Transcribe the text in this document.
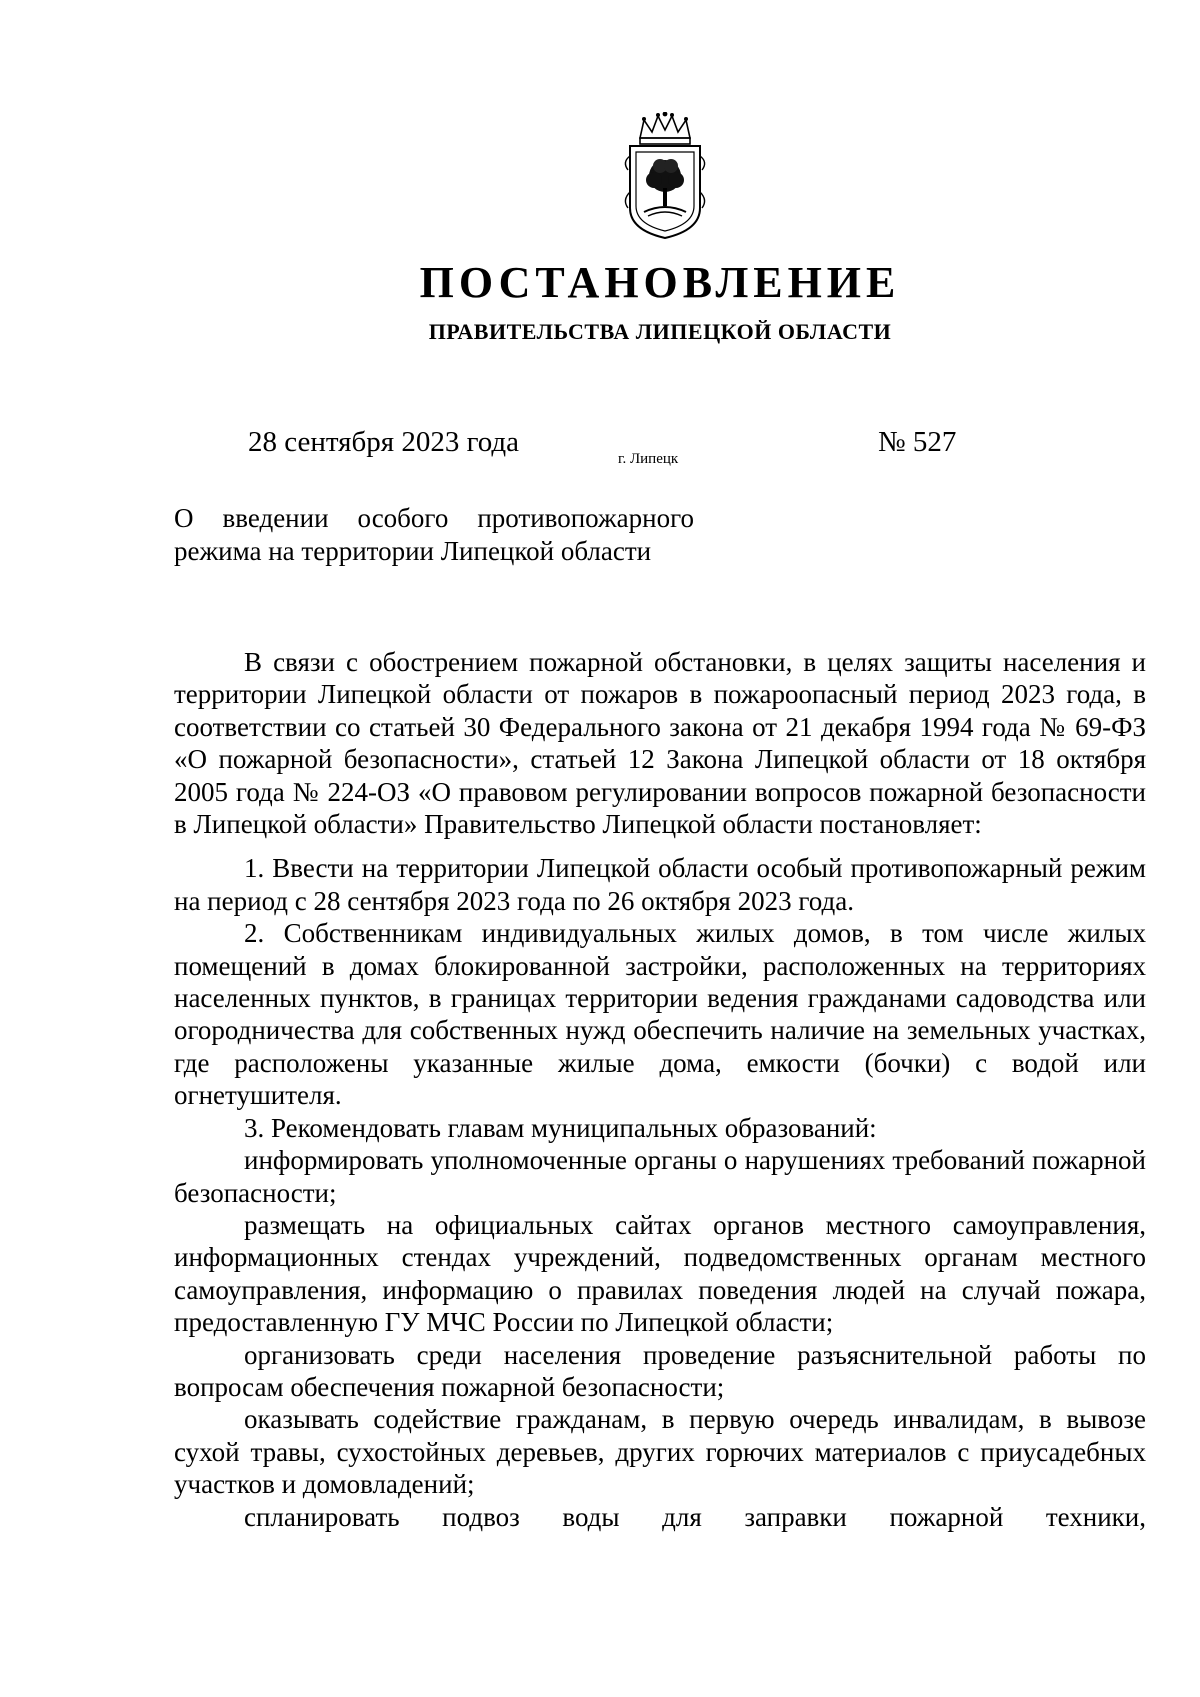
ПОСТАНОВЛЕНИЕ
ПРАВИТЕЛЬСТВА ЛИПЕЦКОЙ ОБЛАСТИ
28 сентября 2023 года
г. Липецк
№ 527

О введении особого противопожарного

режима на территории Липецкой области

В связи с обострением пожарной обстановки, в целях защиты населения и территории Липецкой области от пожаров в пожароопасный период 2023 года, в соответствии со статьей 30 Федерального закона от 21 декабря 1994 года № 69-ФЗ «О пожарной безопасности», статьей 12 Закона Липецкой области от 18 октября 2005 года № 224-ОЗ «О правовом регулировании вопросов пожарной безопасности в Липецкой области» Правительство Липецкой области постановляет:

1. Ввести на территории Липецкой области особый противопожарный режим на период с 28 сентября 2023 года по 26 октября 2023 года.

2. Собственникам индивидуальных жилых домов, в том числе жилых помещений в домах блокированной застройки, расположенных на территориях населенных пунктов, в границах территории ведения гражданами садоводства или огородничества для собственных нужд обеспечить наличие на земельных участках, где расположены указанные жилые дома, емкости (бочки) с водой или огнетушителя.

3. Рекомендовать главам муниципальных образований:

информировать уполномоченные органы о нарушениях требований пожарной безопасности;

размещать на официальных сайтах органов местного самоуправления, информационных стендах учреждений, подведомственных органам местного самоуправления, информацию о правилах поведения людей на случай пожара, предоставленную ГУ МЧС России по Липецкой области;

организовать среди населения проведение разъяснительной работы по вопросам обеспечения пожарной безопасности;

оказывать содействие гражданам, в первую очередь инвалидам, в вывозе сухой травы, сухостойных деревьев, других горючих материалов с приусадебных участков и домовладений;

спланировать подвоз воды для заправки пожарной техники,
